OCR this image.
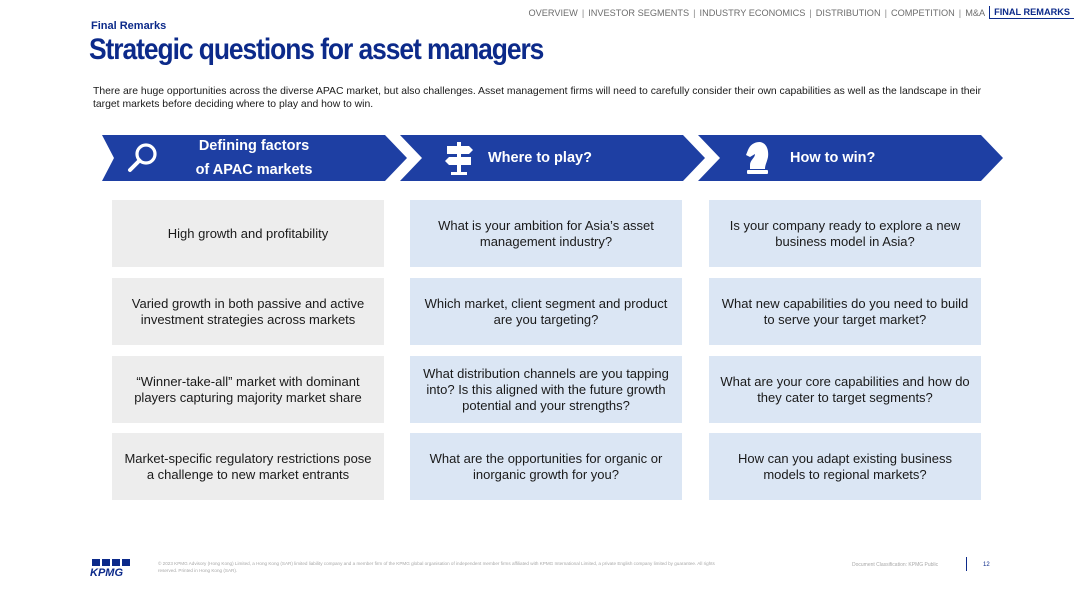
OVERVIEW | INVESTOR SEGMENTS | INDUSTRY ECONOMICS | DISTRIBUTION | COMPETITION | M&A FINAL REMARKS
Final Remarks
Strategic questions for asset managers
There are huge opportunities across the diverse APAC market, but also challenges. Asset management firms will need to carefully consider their own capabilities as well as the landscape in their target markets before deciding where to play and how to win.
Defining factors
of APAC markets
Where to play?	How to win?
High growth and profitability
What is your ambition for Asia’s asset management industry?
Is your company ready to explore a new business model in Asia?
Varied growth in both passive and active investment strategies across markets
Which market, client segment and product are you targeting?
What new capabilities do you need to build to serve your target market?
“Winner-take-all” market with dominant players capturing majority market share
What distribution channels are you tapping into? Is this aligned with the future growth potential and your strengths?
What are your core capabilities and how do they cater to target segments?
Market-specific regulatory restrictions pose a challenge to new market entrants
What are the opportunities for organic or inorganic growth for you?
How can you adapt existing business models to regional markets?
KPMG
© 2023 KPMG Advisory (Hong Kong) Limited, a Hong Kong (SAR) limited liability company and a member firm of the KPMG global organisation of independent member firms affiliated with KPMG International Limited, a private English company limited by guarantee. All rights reserved. Printed in Hong Kong (SAR).
Document Classification: KPMG Public	12
